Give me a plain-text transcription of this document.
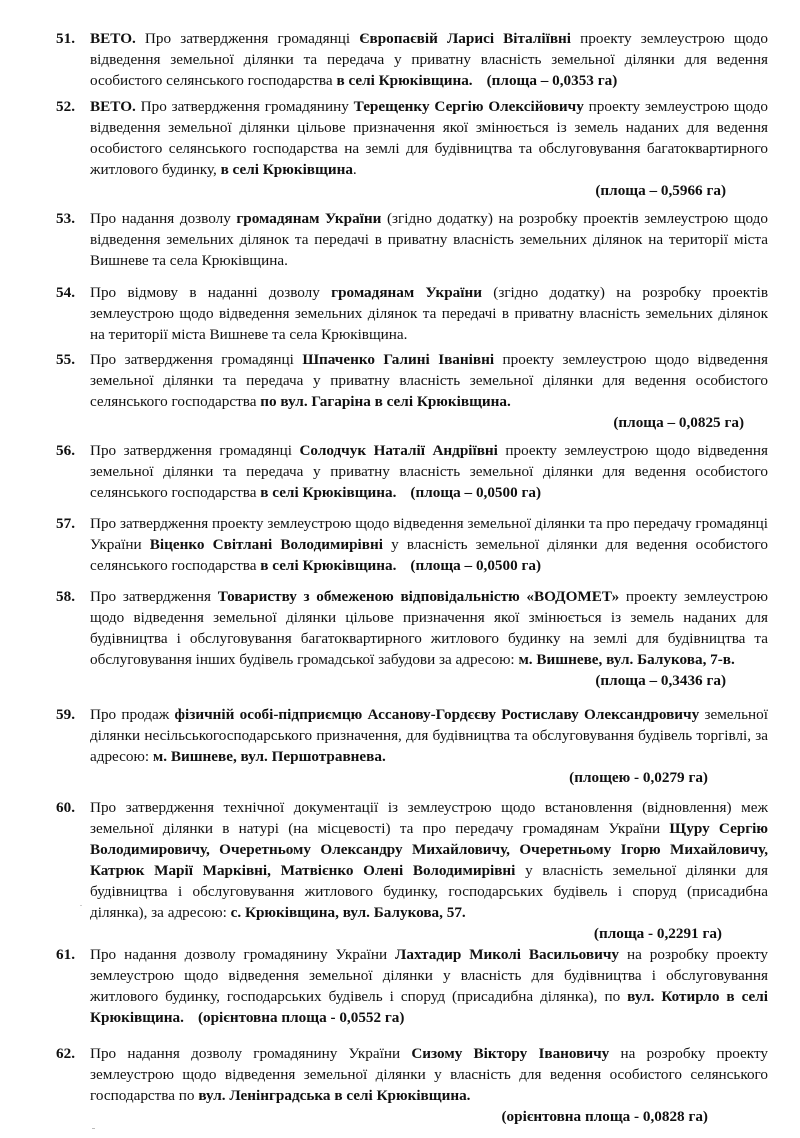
51. ВЕТО. Про затвердження громадянці Європаєвій Ларисі Віталіївні проекту землеустрою щодо відведення земельної ділянки та передача у приватну власність земельної ділянки для ведення особистого селянського господарства в селі Крюківщина. (площа – 0,0353 га)
52. ВЕТО. Про затвердження громадянину Терещенку Сергію Олексійовичу проекту землеустрою щодо відведення земельної ділянки цільове призначення якої змінюється із земель наданих для ведення особистого селянського господарства на землі для будівництва та обслуговування багатоквартирного житлового будинку, в селі Крюківщина.
(площа – 0,5966 га)
53. Про надання дозволу громадянам України (згідно додатку) на розробку проектів землеустрою щодо відведення земельних ділянок та передачі в приватну власність земельних ділянок на території міста Вишневе та села Крюківщина.
54. Про відмову в наданні дозволу громадянам України (згідно додатку) на розробку проектів землеустрою щодо відведення земельних ділянок та передачі в приватну власність земельних ділянок на території міста Вишневе та села Крюківщина.
55. Про затвердження громадянці Шпаченко Галині Іванівні проекту землеустрою щодо відведення земельної ділянки та передача у приватну власність земельної ділянки для ведення особистого селянського господарства по вул. Гагаріна в селі Крюківщина.
(площа – 0,0825 га)
56. Про затвердження громадянці Солодчук Наталії Андріївні проекту землеустрою щодо відведення земельної ділянки та передача у приватну власність земельної ділянки для ведення особистого селянського господарства в селі Крюківщина. (площа – 0,0500 га)
57. Про затвердження проекту землеустрою щодо відведення земельної ділянки та про передачу громадянці України Віценко Світлані Володимирівні у власність земельної ділянки для ведення особистого селянського господарства в селі Крюківщина. (площа – 0,0500 га)
58. Про затвердження Товариству з обмеженою відповідальністю «ВОДОМЕТ» проекту землеустрою щодо відведення земельної ділянки цільове призначення якої змінюється із земель наданих для будівництва і обслуговування багатоквартирного житлового будинку на землі для будівництва та обслуговування інших будівель громадської забудови за адресою: м. Вишневе, вул. Балукова, 7-в.
(площа – 0,3436 га)
59. Про продаж фізичній особі-підприємцю Ассанову-Гордєєву Ростиславу Олександровичу земельної ділянки несільськогосподарського призначення, для будівництва та обслуговування будівель торгівлі, за адресою: м. Вишневе, вул. Першотравнева.
(площею - 0,0279 га)
60. Про затвердження технічної документації із землеустрою щодо встановлення (відновлення) меж земельної ділянки в натурі (на місцевості) та про передачу громадянам України Щуру Сергію Володимировичу, Очеретньому Олександру Михайловичу, Очеретньому Ігорю Михайловичу, Катрюк Марії Марківні, Матвієнко Олені Володимирівні у власність земельної ділянки для будівництва і обслуговування житлового будинку, господарських будівель і споруд (присадибна ділянка), за адресою: с. Крюківщина, вул. Балукова, 57.
(площа - 0,2291 га)
61. Про надання дозволу громадянину України Лахтадир Миколі Васильовичу на розробку проекту землеустрою щодо відведення земельної ділянки у власність для будівництва і обслуговування житлового будинку, господарських будівель і споруд (присадибна ділянка), по вул. Котирло в селі Крюківщина. (орієнтовна площа - 0,0552 га)
62. Про надання дозволу громадянину України Сизому Віктору Івановичу на розробку проекту землеустрою щодо відведення земельної ділянки у власність для ведення особистого селянського господарства по вул. Ленінградська в селі Крюківщина.
(орієнтовна площа - 0,0828 га)
